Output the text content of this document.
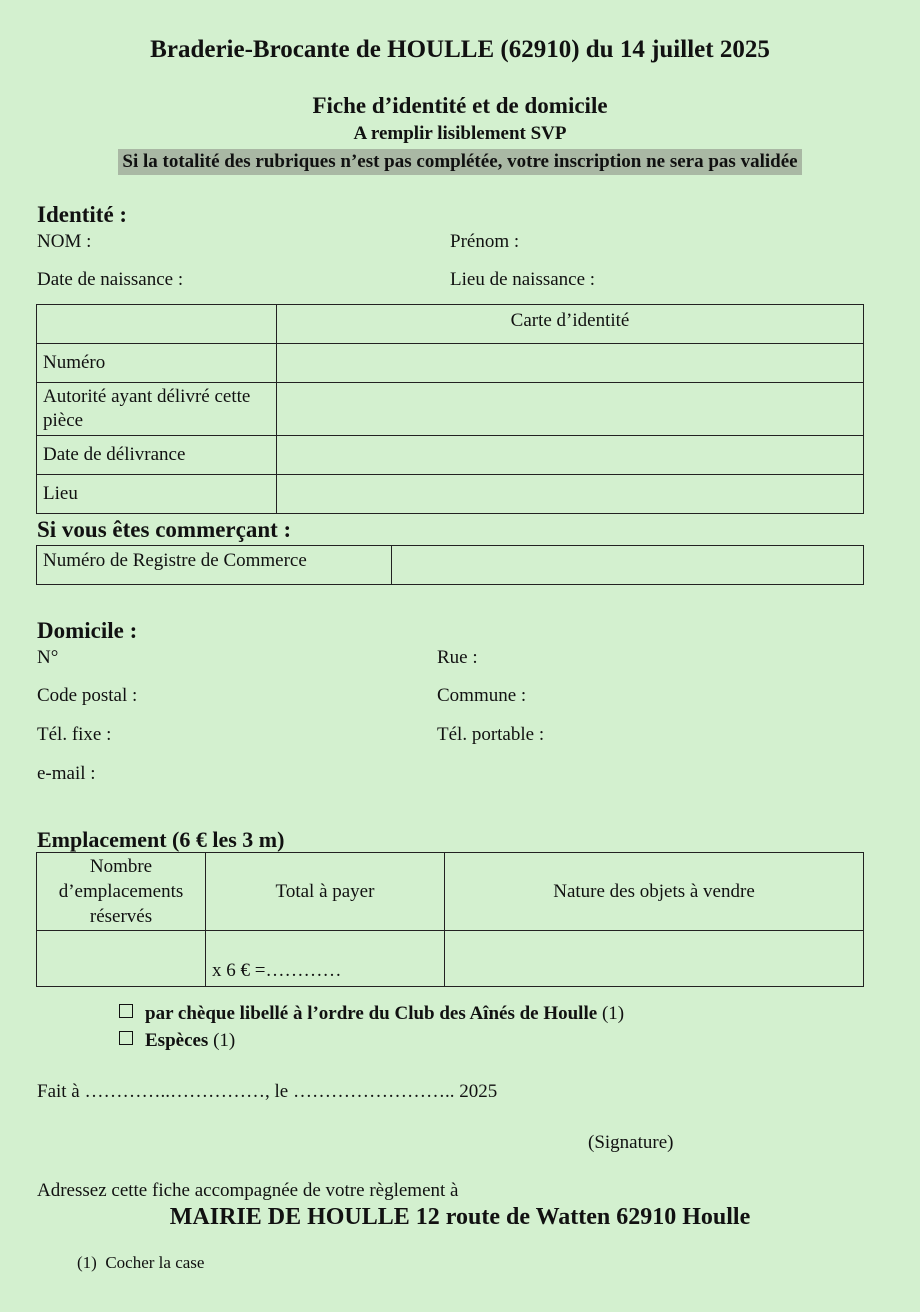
Braderie-Brocante de HOULLE (62910) du 14 juillet 2025
Fiche d’identité et de domicile
A remplir lisiblement SVP
Si la totalité des rubriques n’est pas complétée, votre inscription ne sera pas validée
Identité :
NOM :	Prénom :
Date de naissance :	Lieu de naissance :
	Carte d’identité
Numéro	
Autorité ayant délivré cette pièce	
Date de délivrance	
Lieu	
Si vous êtes commerçant :
Numéro de Registre de Commerce	
Domicile :
N°	Rue :
Code postal :	Commune :
Tél. fixe :	Tél. portable :
e-mail :
Emplacement (6 € les 3 m)
Nombre d’emplacements réservés	Total à payer	Nature des objets à vendre
	x 6 € =…………	
par chèque libellé à l’ordre du Club des Aînés de Houlle (1)
Espèces (1)
Fait à …………..……………, le …………………….. 2025
(Signature)
Adressez cette fiche accompagnée de votre règlement à
MAIRIE DE HOULLE 12 route de Watten 62910 Houlle
(1) Cocher la case
